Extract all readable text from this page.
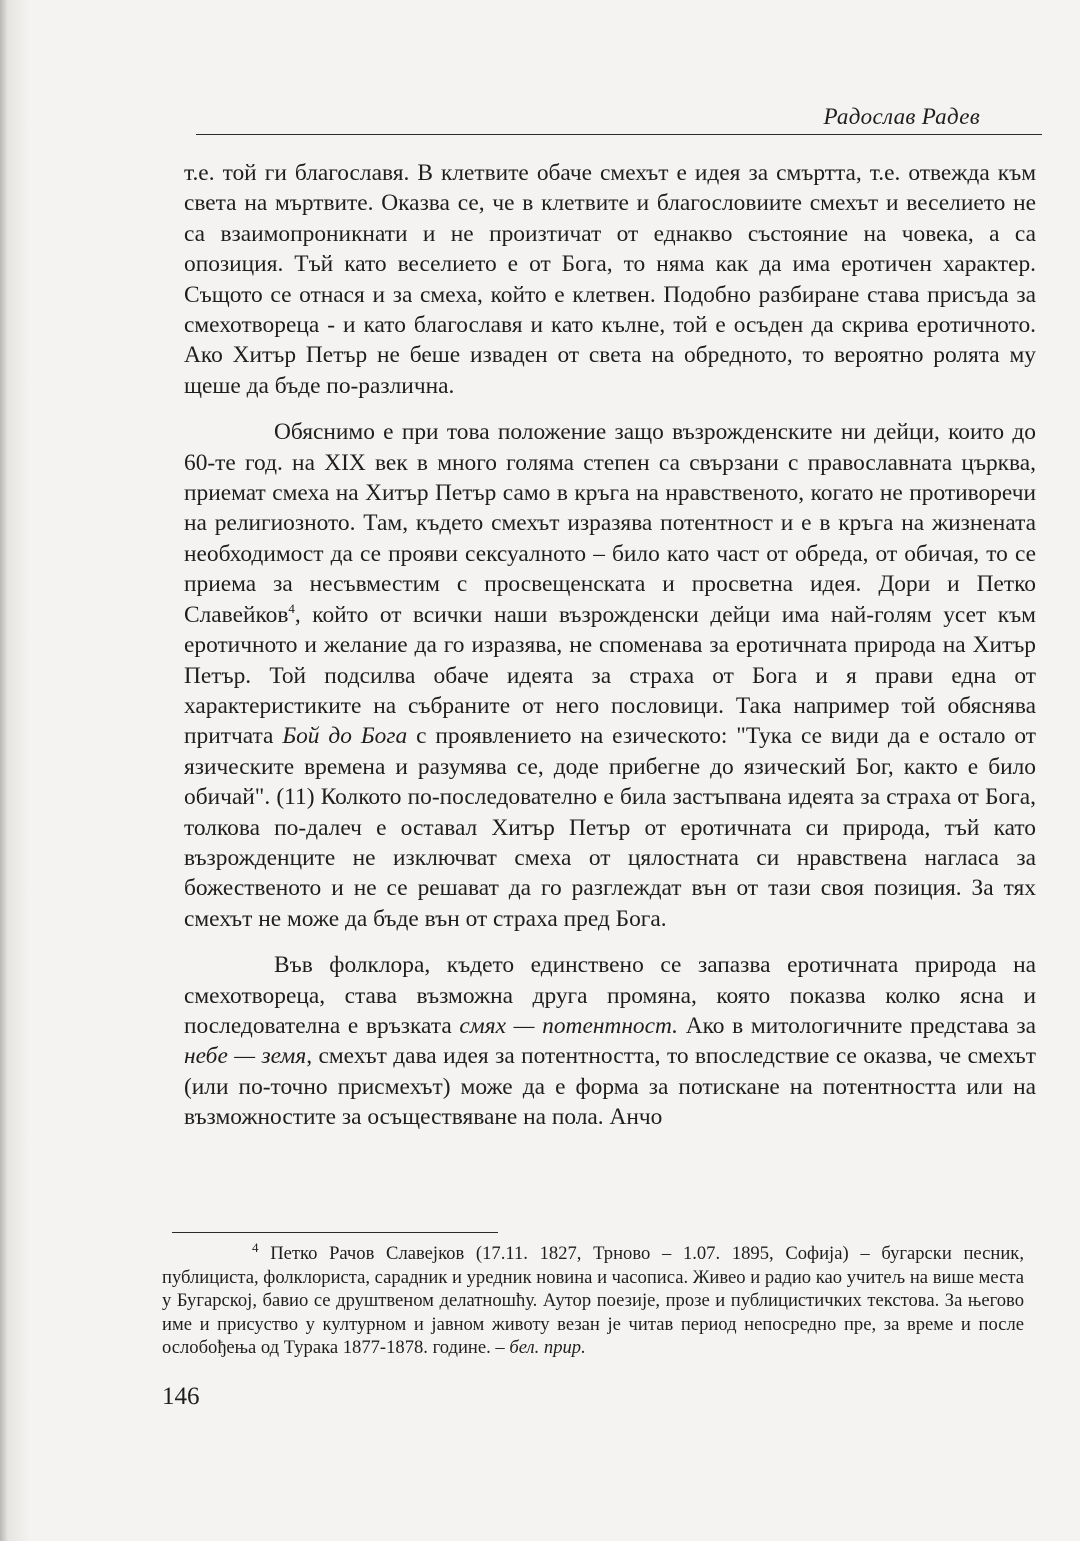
Радослав Радев

т.е. той ги благославя. В клетвите обаче смехът е идея за смъртта, т.е. отвежда към света на мъртвите. Оказва се, че в клетвите и благословиите смехът и веселието не са взаимопроникнати и не произтичат от еднакво състояние на човека, а са опозиция. Тъй като веселието е от Бога, то няма как да има еротичен характер. Същото се отнася и за смеха, който е клетвен. Подобно разбиране става присъда за смехотвореца - и като благославя и като кълне, той е осъден да скрива еротичното. Ако Хитър Петър не беше изваден от света на обредното, то вероятно ролята му щеше да бъде по-различна.

Обяснимо е при това положение защо възрожденските ни дейци, които до 60-те год. на XIX век в много голяма степен са свързани с православната църква, приемат смеха на Хитър Петър само в кръга на нравственото, когато не противоречи на религиозното. Там, където смехът изразява потентност и е в кръга на жизнената необходимост да се прояви сексуалното – било като част от обреда, от обичая, то се приема за несъвместим с просвещенската и просветна идея. Дори и Петко Славейков$^4$, който от всички наши възрожденски дейци има най-голям усет към еротичното и желание да го изразява, не споменава за еротичната природа на Хитър Петър. Той подсилва обаче идеята за страха от Бога и я прави една от характеристиките на събраните от него пословици. Така например той обяснява притчата Бой до Бога с проявлението на езическото: "Тука се види да е остало от язическите времена и разумява се, доде прибегне до язический Бог, както е било обичай". (11) Колкото по-последователно е била застъпвана идеята за страха от Бога, толкова по-далеч е оставал Хитър Петър от еротичната си природа, тъй като възрожденците не изключват смеха от цялостната си нравствена нагласа за божественото и не се решават да го разглеждат вън от тази своя позиция. За тях смехът не може да бъде вън от страха пред Бога.

Във фолклора, където единствено се запазва еротичната природа на смехотвореца, става възможна друга промяна, която показва колко ясна и последователна е връзката смях — потентност. Ако в митологичните представа за небе — земя, смехът дава идея за потентността, то впоследствие се оказва, че смехът (или по-точно присмехът) може да е форма за потискане на потентността или на възможностите за осъществяване на пола. Анчо

$^4$ Петко Рачов Славејков (17.11. 1827, Трново – 1.07. 1895, Софија) – бугарски песник, публициста, фолклориста, сарадник и уредник новина и часописа. Живео и радио као учитељ на више места у Бугарској, бавио се друштвеном делатношћу. Аутор поезије, прозе и публицистичких текстова. За његово име и присуство у културном и јавном животу везан је читав период непосредно пре, за време и после ослобођења од Турака 1877-1878. године. – бел. прир.

146
